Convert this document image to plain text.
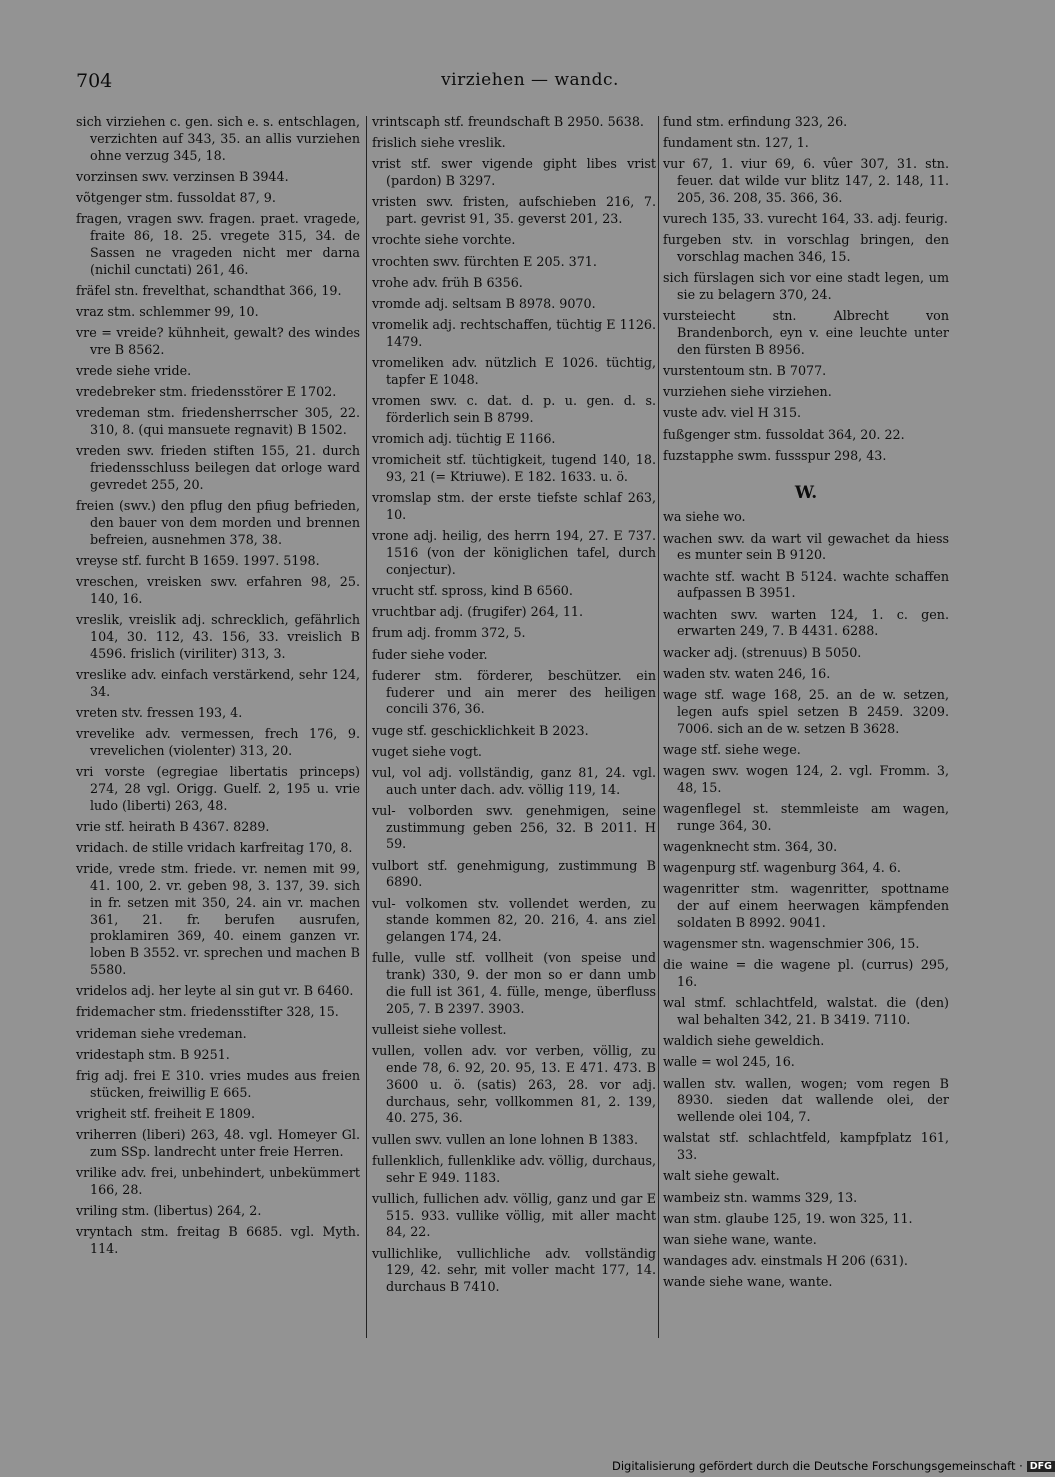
704	virziehen — wandc.

sich virziehen c. gen. sich e. s. entschlagen, verzichten auf 343, 35. an allis vurziehen ohne verzug 345, 18.

vorzinsen swv. verzinsen B 3944.

võtgenger stm. fussoldat 87, 9.

fragen, vragen swv. fragen. praet. vragede, fraite 86, 18. 25. vregete 315, 34. de Sassen ne vrageden nicht mer darna (nichil cunctati) 261, 46.

fräfel stn. frevelthat, schandthat 366, 19.

vraz stm. schlemmer 99, 10.

vre = vreide? kühnheit, gewalt? des windes vre B 8562.

vrede siehe vride.

vredebreker stm. friedensstörer E 1702.

vredeman stm. friedensherrscher 305, 22. 310, 8. (qui mansuete regnavit) B 1502.

vreden swv. frieden stiften 155, 21. durch friedensschluss beilegen dat orloge ward gevredet 255, 20.

freien (swv.) den pflug den pfiug befrieden, den bauer von dem morden und brennen befreien, ausnehmen 378, 38.

vreyse stf. furcht B 1659. 1997. 5198.

vreschen, vreisken swv. erfahren 98, 25. 140, 16.

vreslik, vreislik adj. schrecklich, gefährlich 104, 30. 112, 43. 156, 33. vreislich B 4596. frislich (viriliter) 313, 3.

vreslike adv. einfach verstärkend, sehr 124, 34.

vreten stv. fressen 193, 4.

vrevelike adv. vermessen, frech 176, 9. vrevelichen (violenter) 313, 20.

vri vorste (egregiae libertatis princeps) 274, 28 vgl. Origg. Guelf. 2, 195 u. vrie ludo (liberti) 263, 48.

vrie stf. heirath B 4367. 8289.

vridach. de stille vridach karfreitag 170, 8.

vride, vrede stm. friede. vr. nemen mit 99, 41. 100, 2. vr. geben 98, 3. 137, 39. sich in fr. setzen mit 350, 24. ain vr. machen 361, 21. fr. berufen ausrufen, proklamiren 369, 40. einem ganzen vr. loben B 3552. vr. sprechen und machen B 5580.

vridelos adj. her leyte al sin gut vr. B 6460.

fridemacher stm. friedensstifter 328, 15.

vrideman siehe vredeman.

vridestaph stm. B 9251.

frig adj. frei E 310. vries mudes aus freien stücken, freiwillig E 665.

vrigheit stf. freiheit E 1809.

vriherren (liberi) 263, 48. vgl. Homeyer Gl. zum SSp. landrecht unter freie Herren.

vrilike adv. frei, unbehindert, unbekümmert 166, 28.

vriling stm. (libertus) 264, 2.

vryntach stm. freitag B 6685. vgl. Myth. 114.

vrintscaph stf. freundschaft B 2950. 5638.

frislich siehe vreslik.

vrist stf. swer vigende gipht libes vrist (pardon) B 3297.

vristen swv. fristen, aufschieben 216, 7. part. gevrist 91, 35. geverst 201, 23.

vrochte siehe vorchte.

vrochten swv. fürchten E 205. 371.

vrohe adv. früh B 6356.

vromde adj. seltsam B 8978. 9070.

vromelik adj. rechtschaffen, tüchtig E 1126. 1479.

vromeliken adv. nützlich E 1026. tüchtig, tapfer E 1048.

vromen swv. c. dat. d. p. u. gen. d. s. förderlich sein B 8799.

vromich adj. tüchtig E 1166.

vromicheit stf. tüchtigkeit, tugend 140, 18. 93, 21 (= Ktriuwe). E 182. 1633. u. ö.

vromslap stm. der erste tiefste schlaf 263, 10.

vrone adj. heilig, des herrn 194, 27. E 737. 1516 (von der königlichen tafel, durch conjectur).

vrucht stf. spross, kind B 6560.

vruchtbar adj. (frugifer) 264, 11.

frum adj. fromm 372, 5.

fuder siehe voder.

fuderer stm. förderer, beschützer. ein fuderer und ain merer des heiligen concili 376, 36.

vuge stf. geschicklichkeit B 2023.

vuget siehe vogt.

vul, vol adj. vollständig, ganz 81, 24. vgl. auch unter dach. adv. völlig 119, 14.

vul- volborden swv. genehmigen, seine zustimmung geben 256, 32. B 2011. H 59.

vulbort stf. genehmigung, zustimmung B 6890.

vul- volkomen stv. vollendet werden, zu stande kommen 82, 20. 216, 4. ans ziel gelangen 174, 24.

fulle, vulle stf. vollheit (von speise und trank) 330, 9. der mon so er dann umb die full ist 361, 4. fülle, menge, überfluss 205, 7. B 2397. 3903.

vulleist siehe vollest.

vullen, vollen adv. vor verben, völlig, zu ende 78, 6. 92, 20. 95, 13. E 471. 473. B 3600 u. ö. (satis) 263, 28. vor adj. durchaus, sehr, vollkommen 81, 2. 139, 40. 275, 36.

vullen swv. vullen an lone lohnen B 1383.

fullenklich, fullenklike adv. völlig, durchaus, sehr E 949. 1183.

vullich, fullichen adv. völlig, ganz und gar E 515. 933. vullike völlig, mit aller macht 84, 22.

vullichlike, vullichliche adv. vollständig 129, 42. sehr, mit voller macht 177, 14. durchaus B 7410.

fund stm. erfindung 323, 26.

fundament stn. 127, 1.

vur 67, 1. viur 69, 6. vûer 307, 31. stn. feuer. dat wilde vur blitz 147, 2. 148, 11. 205, 36. 208, 35. 366, 36.

vurech 135, 33. vurecht 164, 33. adj. feurig.

furgeben stv. in vorschlag bringen, den vorschlag machen 346, 15.

sich fürslagen sich vor eine stadt legen, um sie zu belagern 370, 24.

vursteiecht stn. Albrecht von Brandenborch, eyn v. eine leuchte unter den fürsten B 8956.

vurstentoum stn. B 7077.

vurziehen siehe virziehen.

vuste adv. viel H 315.

fußgenger stm. fussoldat 364, 20. 22.

fuzstapphe swm. fussspur 298, 43.

W.

wa siehe wo.

wachen swv. da wart vil gewachet da hiess es munter sein B 9120.

wachte stf. wacht B 5124. wachte schaffen aufpassen B 3951.

wachten swv. warten 124, 1. c. gen. erwarten 249, 7. B 4431. 6288.

wacker adj. (strenuus) B 5050.

waden stv. waten 246, 16.

wage stf. wage 168, 25. an de w. setzen, legen aufs spiel setzen B 2459. 3209. 7006. sich an de w. setzen B 3628.

wage stf. siehe wege.

wagen swv. wogen 124, 2. vgl. Fromm. 3, 48, 15.

wagenflegel st. stemmleiste am wagen, runge 364, 30.

wagenknecht stm. 364, 30.

wagenpurg stf. wagenburg 364, 4. 6.

wagenritter stm. wagenritter, spottname der auf einem heerwagen kämpfenden soldaten B 8992. 9041.

wagensmer stn. wagenschmier 306, 15.

die waine = die wagene pl. (currus) 295, 16.

wal stmf. schlachtfeld, walstat. die (den) wal behalten 342, 21. B 3419. 7110.

waldich siehe geweldich.

walle = wol 245, 16.

wallen stv. wallen, wogen; vom regen B 8930. sieden dat wallende olei, der wellende olei 104, 7.

walstat stf. schlachtfeld, kampfplatz 161, 33.

walt siehe gewalt.

wambeiz stn. wamms 329, 13.

wan stm. glaube 125, 19. won 325, 11.

wan siehe wane, wante.

wandages adv. einstmals H 206 (631).

wande siehe wane, wante.

Digitalisierung gefördert durch die Deutsche Forschungsgemeinschaft · DFG
